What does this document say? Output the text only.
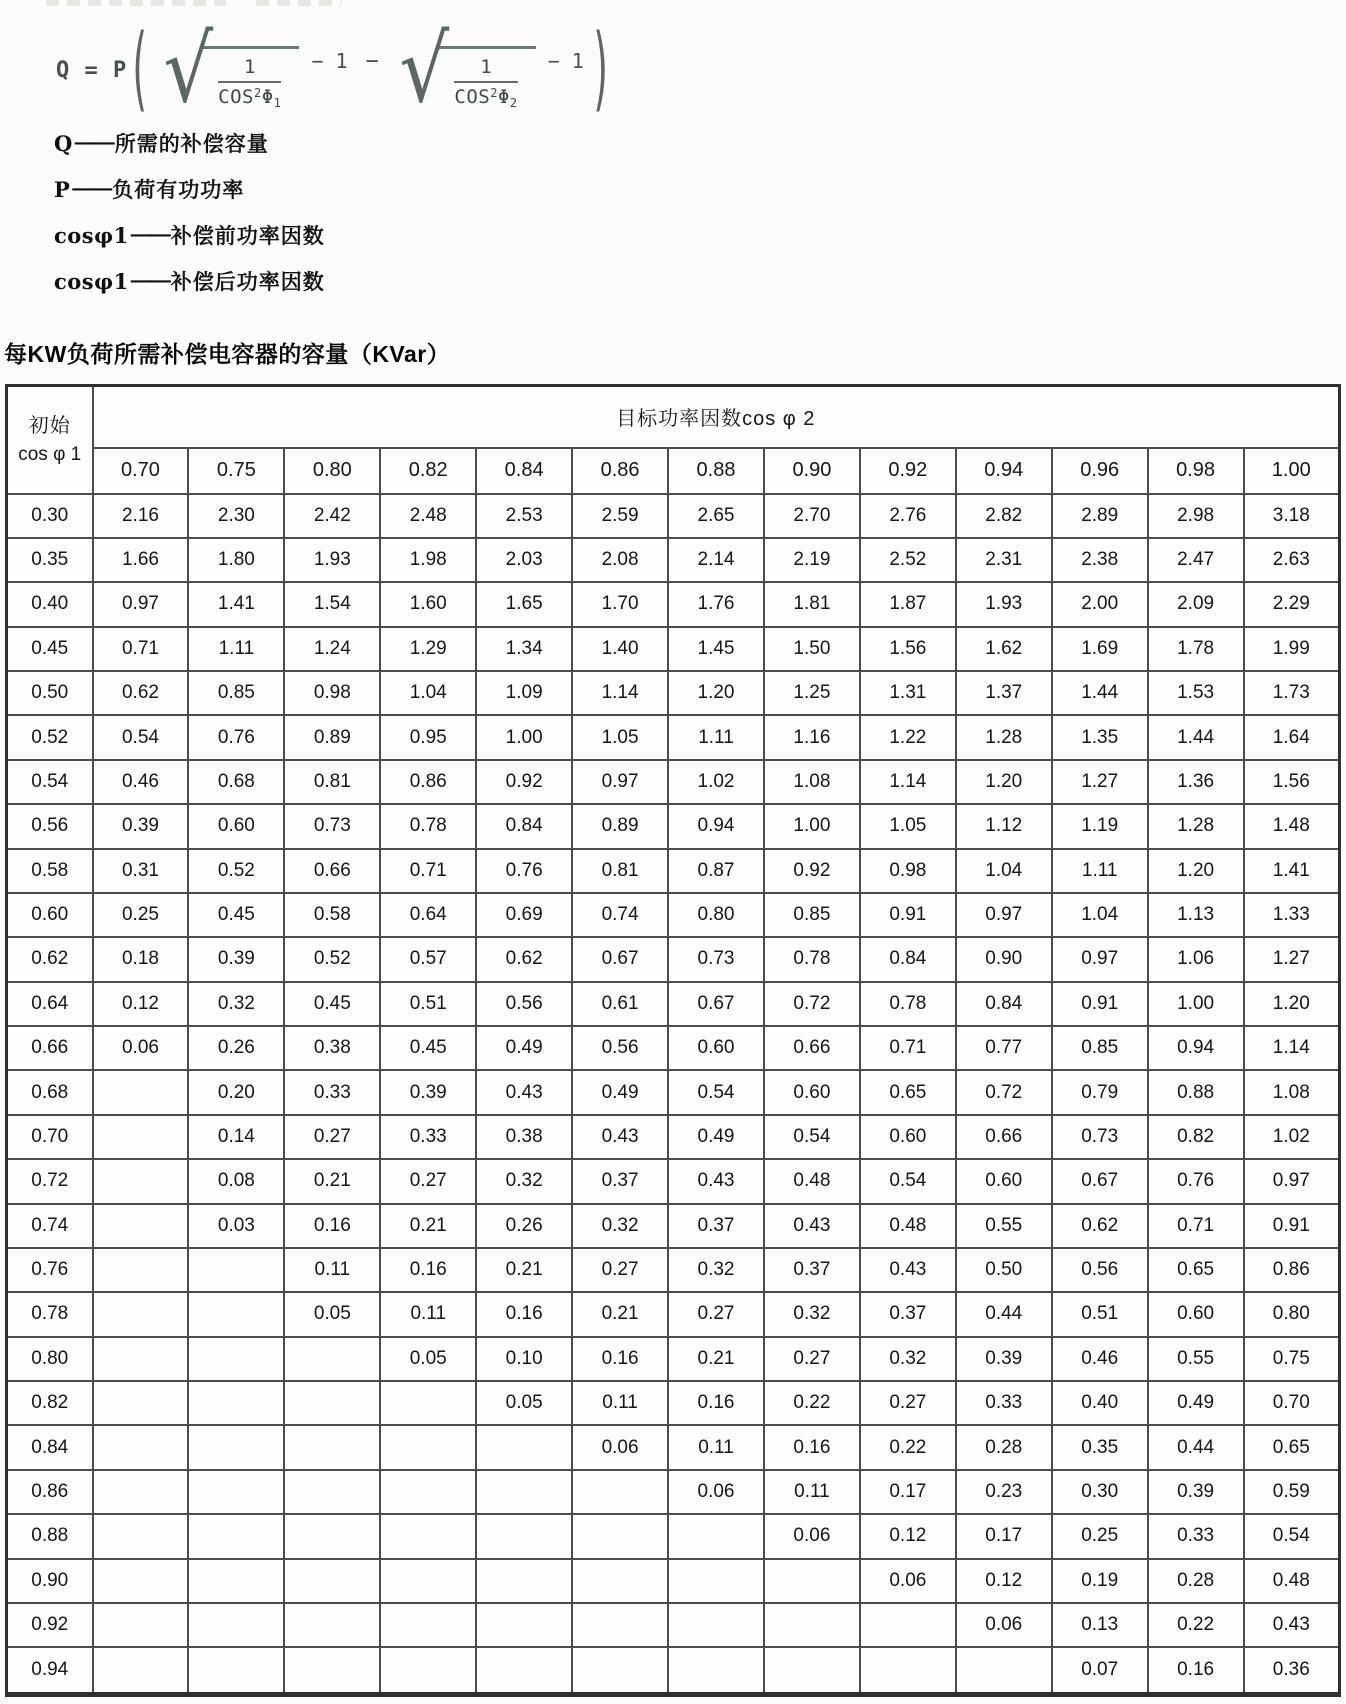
Q = P ( √ $\frac{1}{COS^2\Phi_1} - 1$ − √ $\frac{1}{COS^2\Phi_2} - 1$ )
Q —— 所需的补偿容量
P —— 负荷有功功率
cosφ1 —— 补偿前功率因数
cosφ1 —— 补偿后功率因数
每KW负荷所需补偿电容器的容量（KVar）
初始
cos φ 1	目标功率因数cos φ 2												
	0.70	0.75	0.80	0.82	0.84	0.86	0.88	0.90	0.92	0.94	0.96	0.98	1.00
0.30	2.16	2.30	2.42	2.48	2.53	2.59	2.65	2.70	2.76	2.82	2.89	2.98	3.18
0.35	1.66	1.80	1.93	1.98	2.03	2.08	2.14	2.19	2.52	2.31	2.38	2.47	2.63
0.40	0.97	1.41	1.54	1.60	1.65	1.70	1.76	1.81	1.87	1.93	2.00	2.09	2.29
0.45	0.71	1.11	1.24	1.29	1.34	1.40	1.45	1.50	1.56	1.62	1.69	1.78	1.99
0.50	0.62	0.85	0.98	1.04	1.09	1.14	1.20	1.25	1.31	1.37	1.44	1.53	1.73
0.52	0.54	0.76	0.89	0.95	1.00	1.05	1.11	1.16	1.22	1.28	1.35	1.44	1.64
0.54	0.46	0.68	0.81	0.86	0.92	0.97	1.02	1.08	1.14	1.20	1.27	1.36	1.56
0.56	0.39	0.60	0.73	0.78	0.84	0.89	0.94	1.00	1.05	1.12	1.19	1.28	1.48
0.58	0.31	0.52	0.66	0.71	0.76	0.81	0.87	0.92	0.98	1.04	1.11	1.20	1.41
0.60	0.25	0.45	0.58	0.64	0.69	0.74	0.80	0.85	0.91	0.97	1.04	1.13	1.33
0.62	0.18	0.39	0.52	0.57	0.62	0.67	0.73	0.78	0.84	0.90	0.97	1.06	1.27
0.64	0.12	0.32	0.45	0.51	0.56	0.61	0.67	0.72	0.78	0.84	0.91	1.00	1.20
0.66	0.06	0.26	0.38	0.45	0.49	0.56	0.60	0.66	0.71	0.77	0.85	0.94	1.14
0.68		0.20	0.33	0.39	0.43	0.49	0.54	0.60	0.65	0.72	0.79	0.88	1.08
0.70		0.14	0.27	0.33	0.38	0.43	0.49	0.54	0.60	0.66	0.73	0.82	1.02
0.72		0.08	0.21	0.27	0.32	0.37	0.43	0.48	0.54	0.60	0.67	0.76	0.97
0.74		0.03	0.16	0.21	0.26	0.32	0.37	0.43	0.48	0.55	0.62	0.71	0.91
0.76			0.11	0.16	0.21	0.27	0.32	0.37	0.43	0.50	0.56	0.65	0.86
0.78			0.05	0.11	0.16	0.21	0.27	0.32	0.37	0.44	0.51	0.60	0.80
0.80				0.05	0.10	0.16	0.21	0.27	0.32	0.39	0.46	0.55	0.75
0.82					0.05	0.11	0.16	0.22	0.27	0.33	0.40	0.49	0.70
0.84						0.06	0.11	0.16	0.22	0.28	0.35	0.44	0.65
0.86							0.06	0.11	0.17	0.23	0.30	0.39	0.59
0.88								0.06	0.12	0.17	0.25	0.33	0.54
0.90									0.06	0.12	0.19	0.28	0.48
0.92										0.06	0.13	0.22	0.43
0.94											0.07	0.16	0.36
